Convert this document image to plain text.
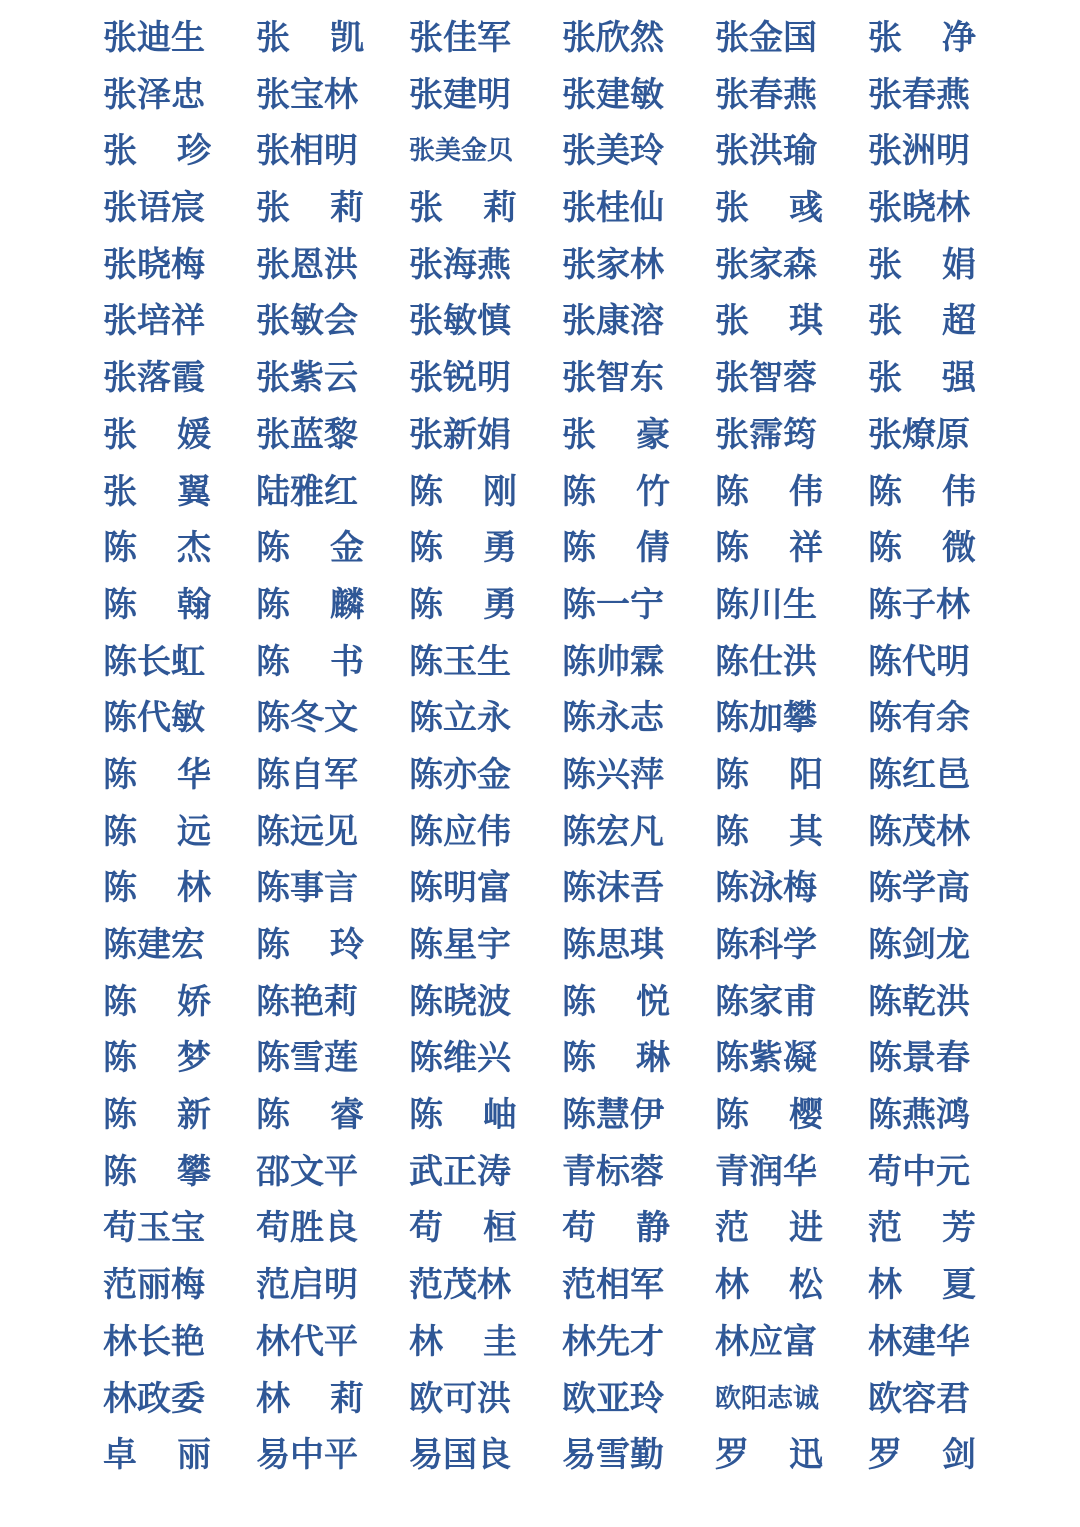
张迪生 张 凯 张佳军 张欣然 张金国 张 净
张泽忠 张宝林 张建明 张建敏 张春燕 张春燕
张 珍 张相明 张美金贝 张美玲 张洪瑜 张洲明
张语宸 张 莉 张 莉 张桂仙 张 彧 张晓林
张晓梅 张恩洪 张海燕 张家林 张家森 张 娟
张培祥 张敏会 张敏慎 张康溶 张 琪 张 超
张落霞 张紫云 张锐明 张智东 张智蓉 张 强
张 媛 张蓝黎 张新娟 张 豪 张霈筠 张燎原
张 翼 陆雅红 陈 刚 陈 竹 陈 伟 陈 伟
陈 杰 陈 金 陈 勇 陈 倩 陈 祥 陈 微
陈 翰 陈 麟 陈 勇 陈一宁 陈川生 陈子林
陈长虹 陈 书 陈玉生 陈帅霖 陈仕洪 陈代明
陈代敏 陈冬文 陈立永 陈永志 陈加攀 陈有余
陈 华 陈自军 陈亦金 陈兴萍 陈 阳 陈红邑
陈 远 陈远见 陈应伟 陈宏凡 陈 其 陈茂林
陈 林 陈事言 陈明富 陈沫吾 陈泳梅 陈学高
陈建宏 陈 玲 陈星宇 陈思琪 陈科学 陈剑龙
陈 娇 陈艳莉 陈晓波 陈 悦 陈家甫 陈乾洪
陈 梦 陈雪莲 陈维兴 陈 琳 陈紫凝 陈景春
陈 新 陈 睿 陈 岫 陈慧伊 陈 樱 陈燕鸿
陈 攀 邵文平 武正涛 青标蓉 青润华 苟中元
苟玉宝 苟胜良 苟 桓 苟 静 范 进 范 芳
范丽梅 范启明 范茂林 范相军 林 松 林 夏
林长艳 林代平 林 圭 林先才 林应富 林建华
林政委 林 莉 欧可洪 欧亚玲 欧阳志诚 欧容君
卓 丽 易中平 易国良 易雪勤 罗 迅 罗 剑
